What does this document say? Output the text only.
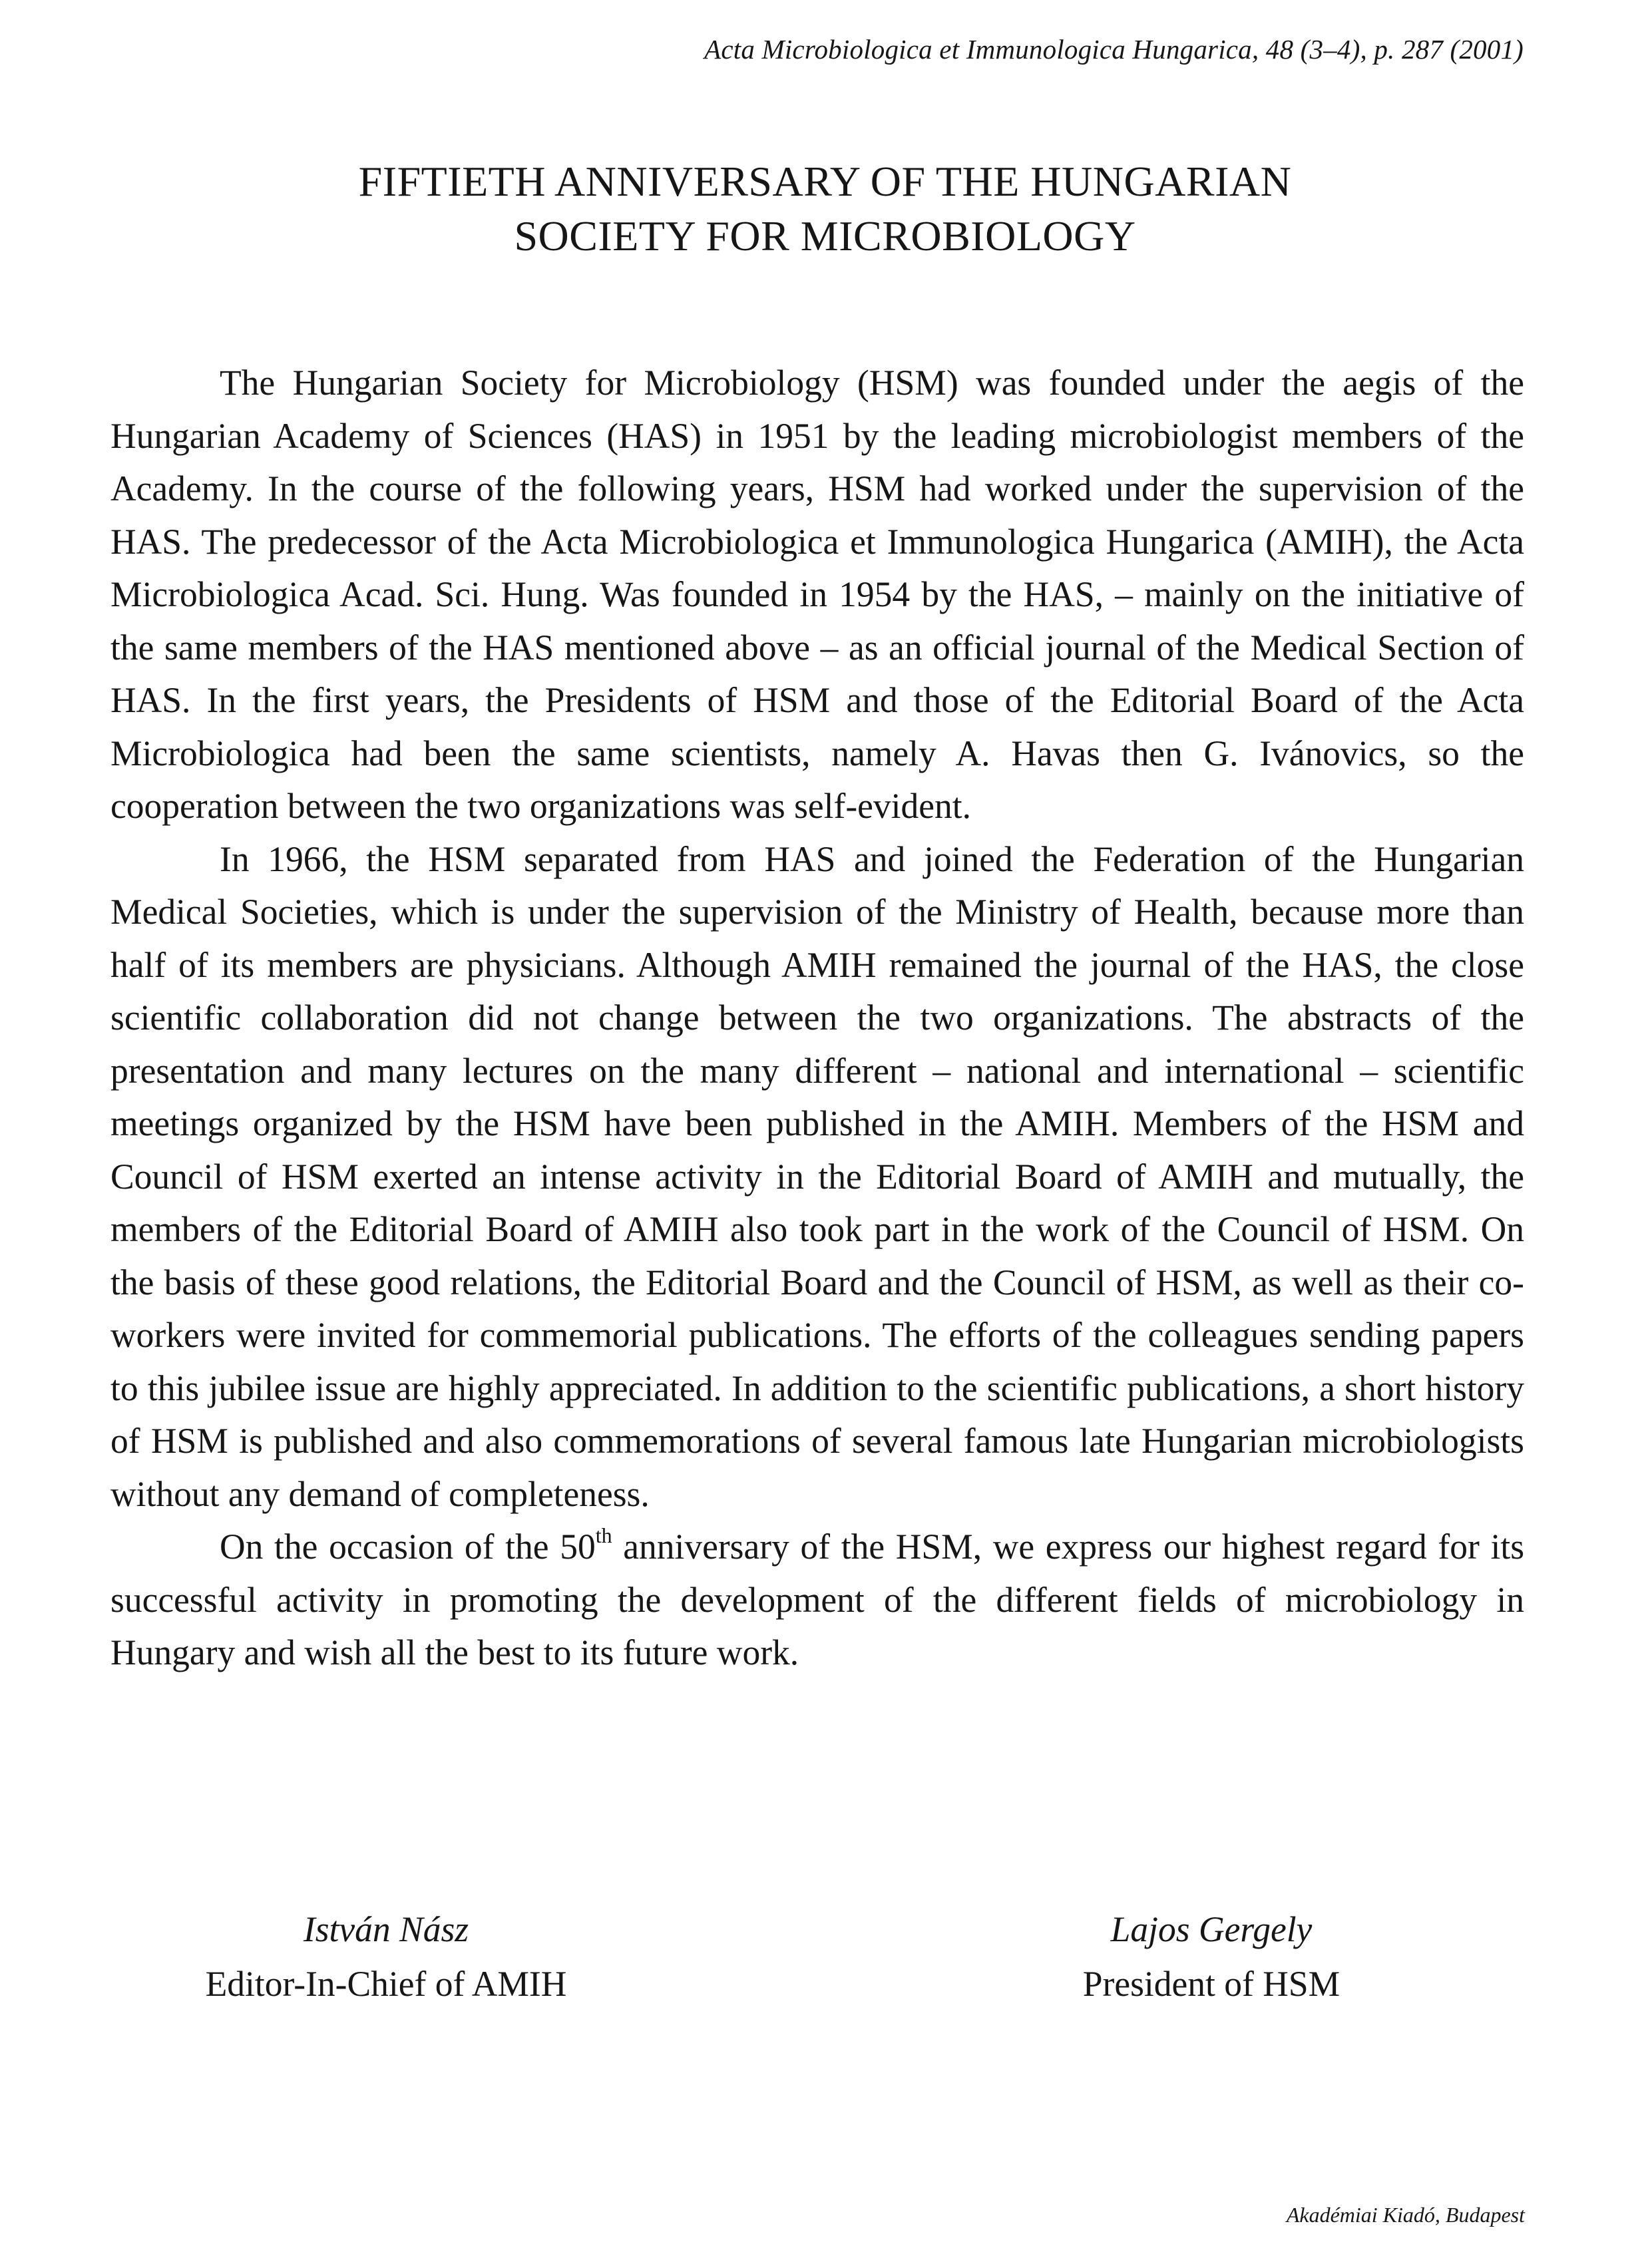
Acta Microbiologica et Immunologica Hungarica, 48 (3–4), p. 287 (2001)
FIFTIETH ANNIVERSARY OF THE HUNGARIAN
SOCIETY FOR MICROBIOLOGY

The Hungarian Society for Microbiology (HSM) was founded under the aegis of the Hungarian Academy of Sciences (HAS) in 1951 by the leading microbiologist members of the Academy. In the course of the following years, HSM had worked under the supervision of the HAS. The predecessor of the Acta Microbiologica et Immunologica Hungarica (AMIH), the Acta Microbiologica Acad. Sci. Hung. Was founded in 1954 by the HAS, – mainly on the initiative of the same members of the HAS mentioned above – as an official journal of the Medical Section of HAS. In the first years, the Presidents of HSM and those of the Editorial Board of the Acta Microbiologica had been the same scientists, namely A. Havas then G. Ivánovics, so the cooperation between the two organizations was self-evident.

In 1966, the HSM separated from HAS and joined the Federation of the Hungarian Medical Societies, which is under the supervision of the Ministry of Health, because more than half of its members are physicians. Although AMIH remained the journal of the HAS, the close scientific collaboration did not change between the two organizations. The abstracts of the presentation and many lectures on the many different – national and international – scientific meetings organized by the HSM have been published in the AMIH. Members of the HSM and Council of HSM exerted an intense activity in the Editorial Board of AMIH and mutually, the members of the Editorial Board of AMIH also took part in the work of the Council of HSM. On the basis of these good relations, the Editorial Board and the Council of HSM, as well as their co-workers were invited for commemorial publications. The efforts of the colleagues sending papers to this jubilee issue are highly appreciated. In addition to the scientific publications, a short history of HSM is published and also commemorations of several famous late Hungarian microbiologists without any demand of completeness.

On the occasion of the 50th anniversary of the HSM, we express our highest regard for its successful activity in promoting the development of the different fields of microbiology in Hungary and wish all the best to its future work.

István Nász
Editor-In-Chief of AMIH
Lajos Gergely
President of HSM
Akadémiai Kiadó, Budapest
